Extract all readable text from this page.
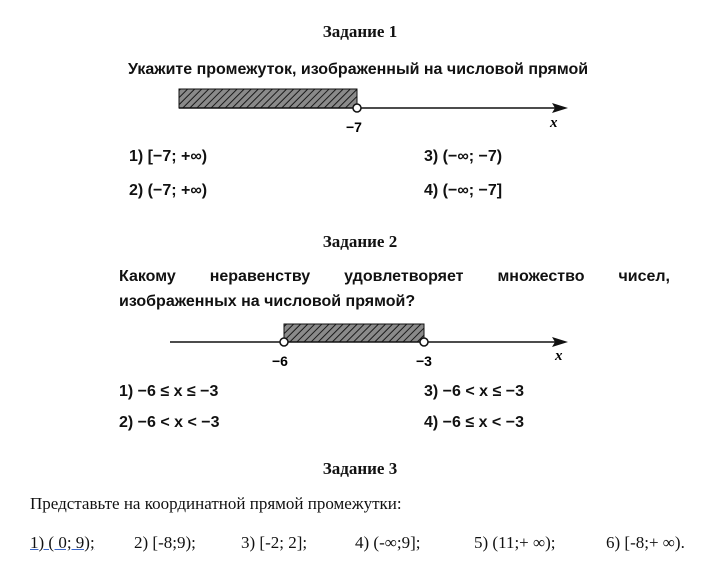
Задание 1
Укажите промежуток, изображенный на числовой прямой
−7	x
1) [−7; +∞)
2) (−7; +∞)
3) (−∞; −7)
4) (−∞; −7]
Задание 2
Какому неравенству удовлетворяет множество чисел,
изображенных на числовой прямой?
−6	−3	x
1) −6 ≤ x ≤ −3
2) −6 < x < −3
3) −6 < x ≤ −3
4) −6 ≤ x < −3
Задание 3
Представьте на координатной прямой промежутки:
1) ( 0; 9); 2) [-8;9);	3) [-2; 2];	4) (-∞;9];	5) (11;+ ∞);	6) [-8;+ ∞).
